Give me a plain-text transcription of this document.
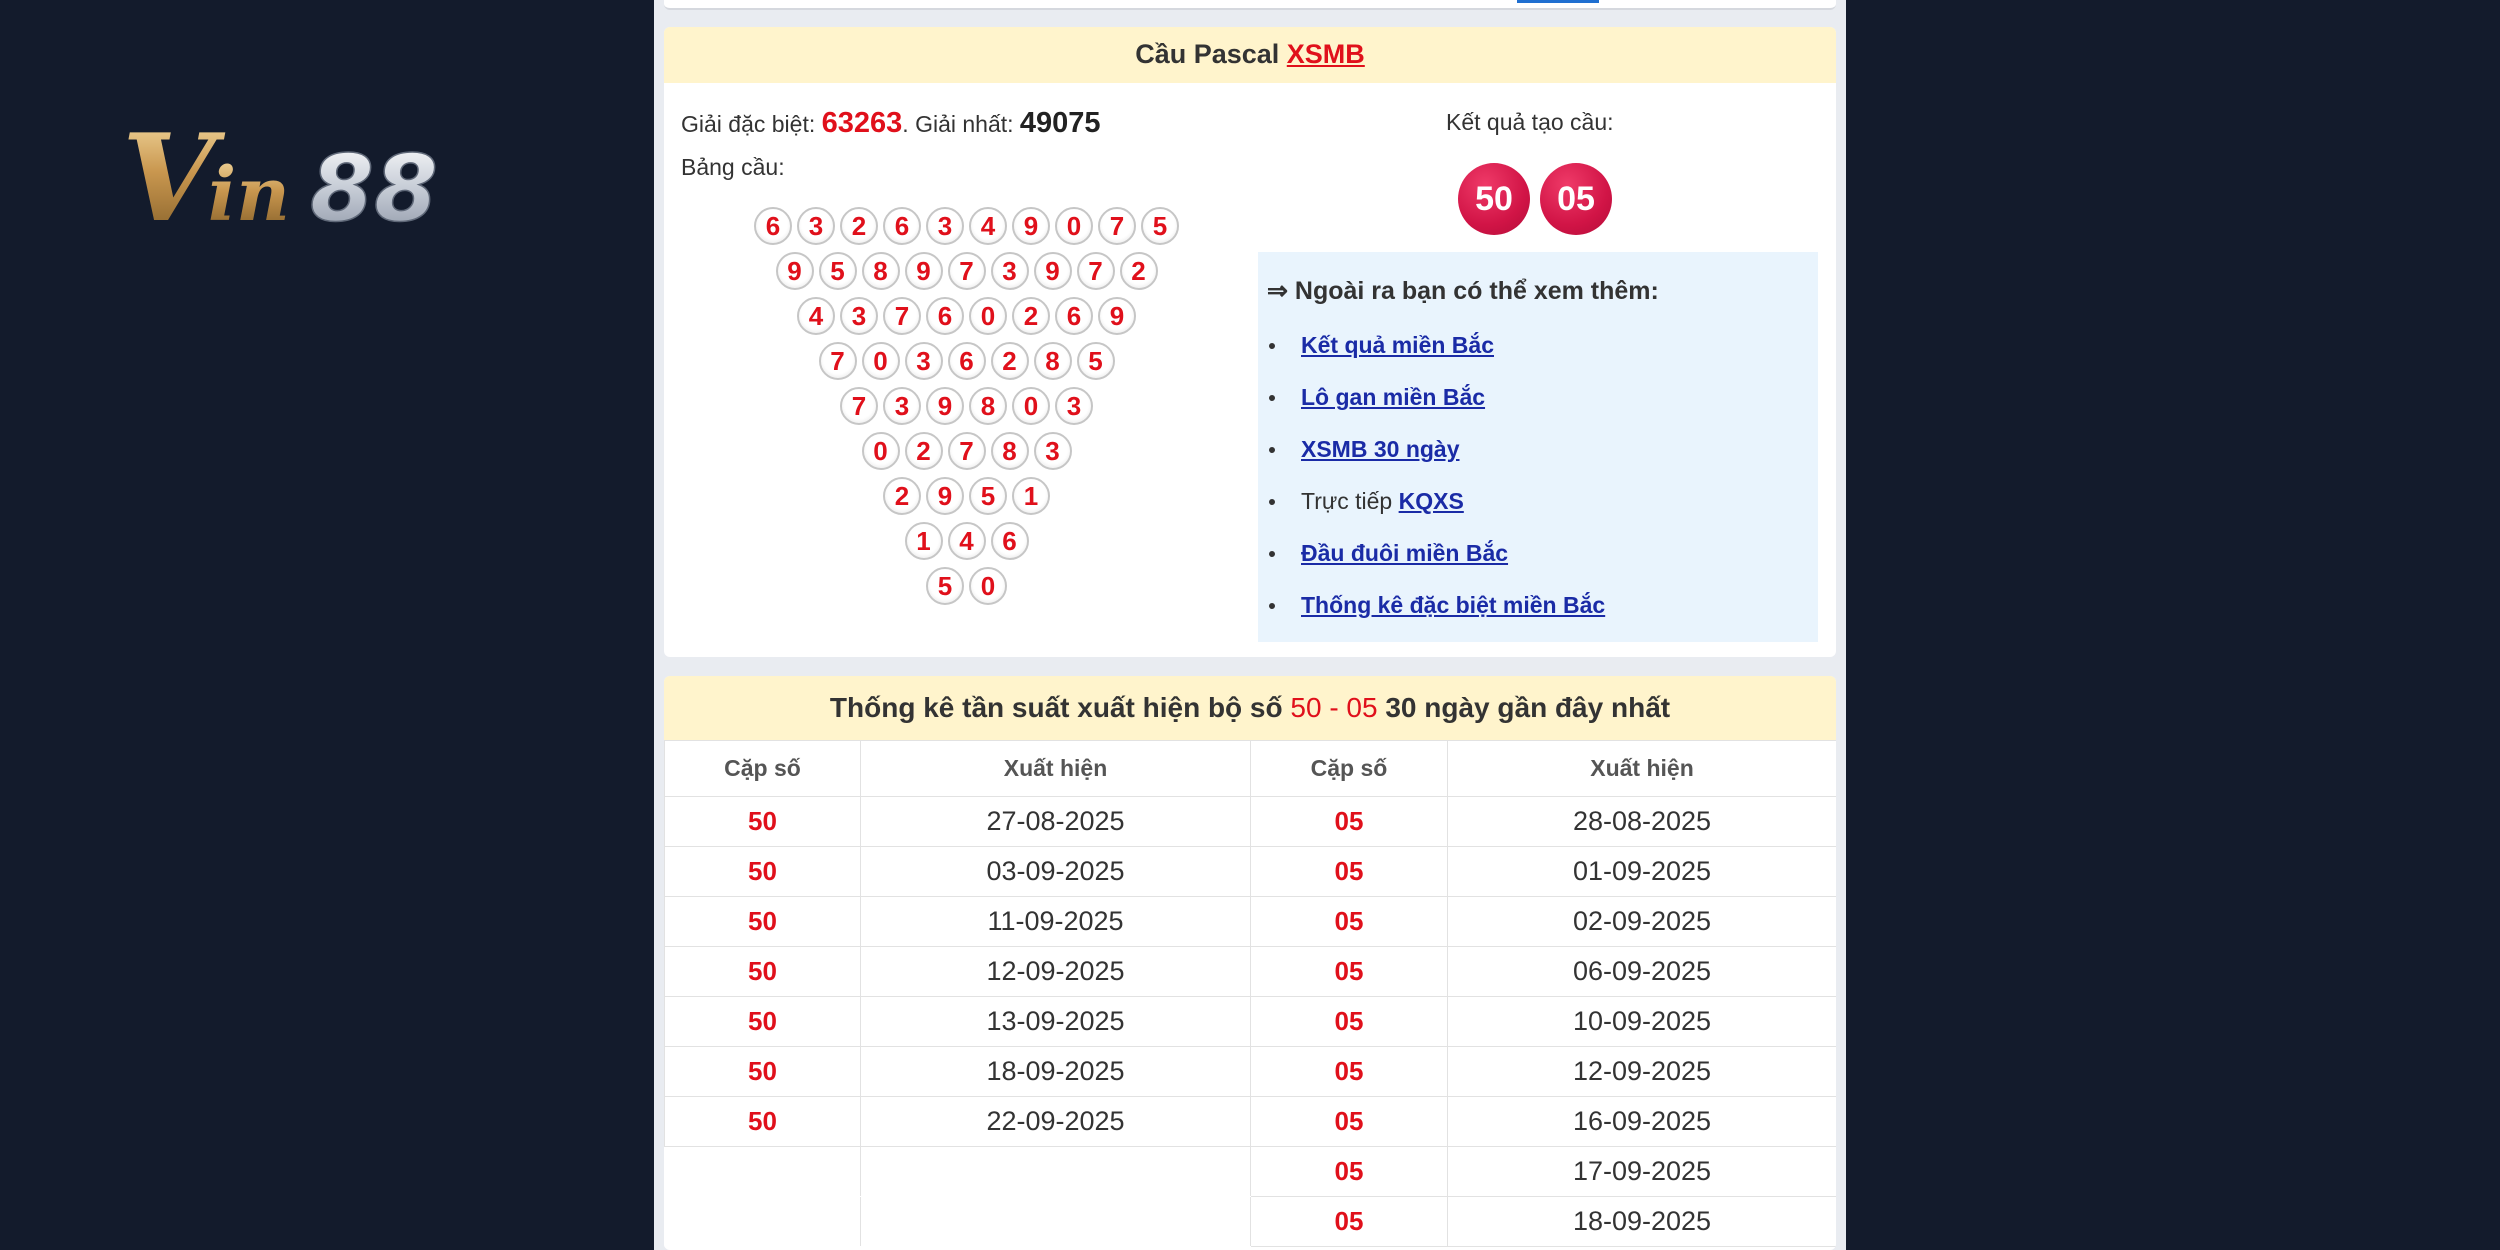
V
in 88
Cầu Pascal XSMB
Giải đặc biệt: 63263. Giải nhất: 49075
Bảng cầu:
6	3	2	6	3	4	9	0	7	5
9	5	8	9	7	3	9	7	2
4	3	7	6	0	2	6	9
7	0	3	6	2	8	5
7	3	9	8	0	3
0	2	7	8	3
2	9	5	1
1	4	6
5	0
Kết quả tạo cầu:
50	05
⇒ Ngoài ra bạn có thể xem thêm:
Kết quả miền Bắc
Lô gan miền Bắc
XSMB 30 ngày
Trực tiếp KQXS
Đầu đuôi miền Bắc
Thống kê đặc biệt miền Bắc
Thống kê tần suất xuất hiện bộ số 50 - 05 30 ngày gần đây nhất
Cặp số	Xuất hiện	Cặp số	Xuất hiện
50	27-08-2025	05	28-08-2025
50	03-09-2025	05	01-09-2025
50	11-09-2025	05	02-09-2025
50	12-09-2025	05	06-09-2025
50	13-09-2025	05	10-09-2025
50	18-09-2025	05	12-09-2025
50	22-09-2025	05	16-09-2025
		05	17-09-2025
		05	18-09-2025
